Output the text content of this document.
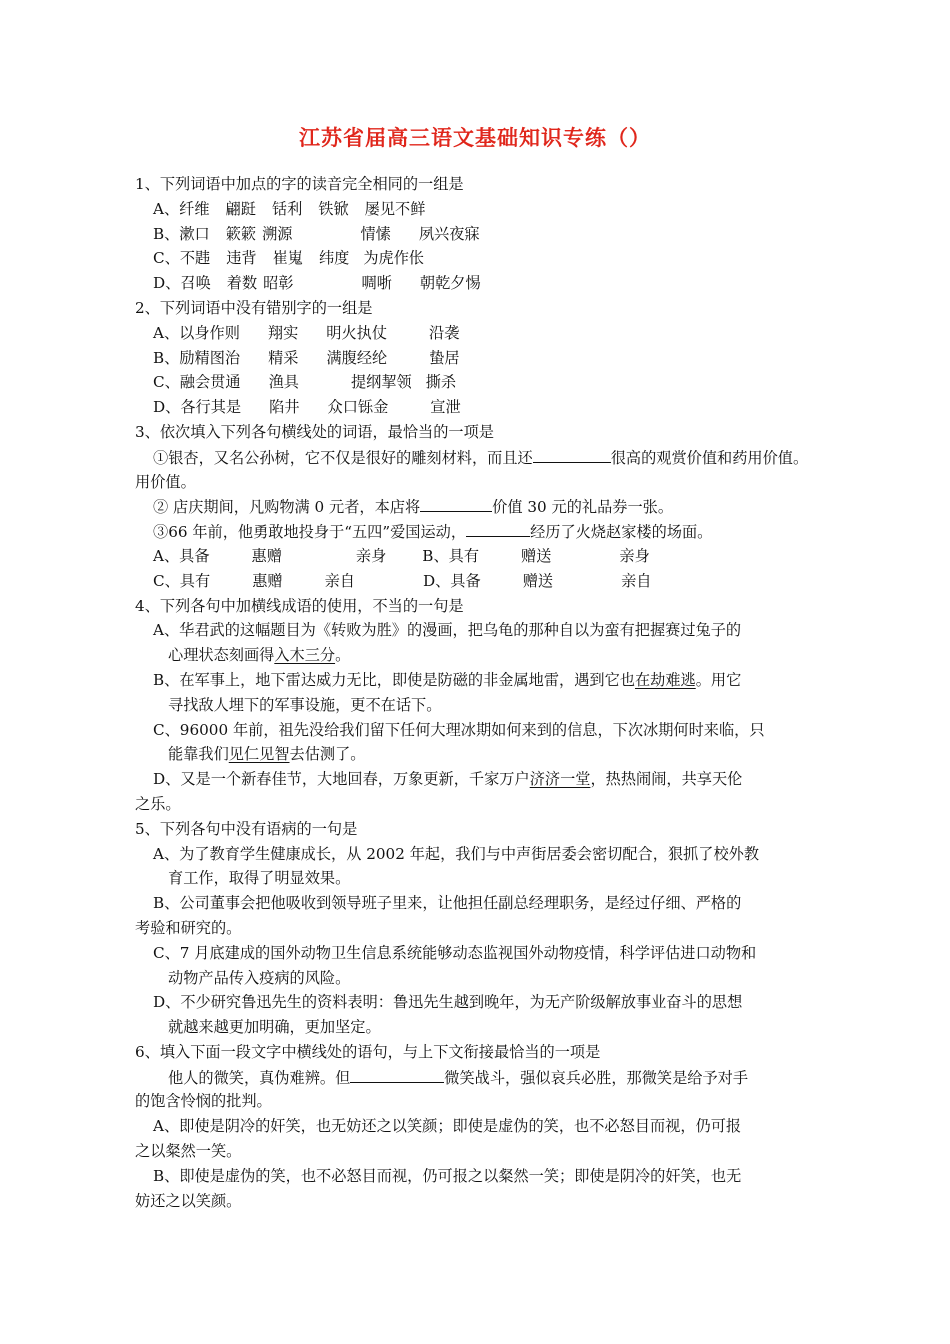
江苏省届高三语文基础知识专练（）
1、下列词语中加点的字的读音完全相同的一组是
A、纤维 翩跹 铦利 铁锨 屡见不鲜
B、漱口 簌簌 溯源	情愫 夙兴夜寐
C、不韪 违背 崔嵬 纬度 为虎作伥
D、召唤 着数 昭彰	啁哳 朝乾夕惕
2、下列词语中没有错别字的一组是
A、以身作则 翔实 明火执仗	沿袭
B、励精图治 精采 满腹经纶	蛰居
C、融会贯通 渔具	提纲挈领 撕杀
D、各行其是 陷井 众口铄金	宣泄
3、依次填入下列各句横线处的词语，最恰当的一项是
①银杏，又名公孙树，它不仅是很好的雕刻材料，而且还	很高的观赏价值和药用价值。
用价值。
② 店庆期间，凡购物满 0 元者，本店将	价值 30 元的礼品券一张。
③66 年前，他勇敢地投身于“五四”爱国运动，	经历了火烧赵家楼的场面。
A、具备	惠赠	亲身 B、具有	赠送	亲身
C、具有	惠赠	亲自	D、具备	赠送	亲自
4、下列各句中加横线成语的使用，不当的一句是
A、华君武的这幅题目为《转败为胜》的漫画，把乌龟的那种自以为蛮有把握赛过兔子的
心理状态刻画得入木三分。
B、在军事上，地下雷达威力无比，即使是防磁的非金属地雷，遇到它也在劫难逃。用它
寻找敌人埋下的军事设施，更不在话下。
C、96000 年前，祖先没给我们留下任何大理冰期如何来到的信息，下次冰期何时来临，只
能靠我们见仁见智去估测了。
D、又是一个新春佳节，大地回春，万象更新，千家万户济济一堂，热热闹闹，共享天伦
之乐。
5、下列各句中没有语病的一句是
A、为了教育学生健康成长，从 2002 年起，我们与中声街居委会密切配合，狠抓了校外教
育工作，取得了明显效果。
B、公司董事会把他吸收到领导班子里来，让他担任副总经理职务，是经过仔细、严格的
考验和研究的。
C、7 月底建成的国外动物卫生信息系统能够动态监视国外动物疫情，科学评估进口动物和
动物产品传入疫病的风险。
D、不少研究鲁迅先生的资料表明：鲁迅先生越到晚年，为无产阶级解放事业奋斗的思想
就越来越更加明确，更加坚定。
6、填入下面一段文字中横线处的语句，与上下文衔接最恰当的一项是
他人的微笑，真伪难辨。但	微笑战斗，强似哀兵必胜，那微笑是给予对手
的饱含怜悯的批判。
A、即使是阴冷的奸笑，也无妨还之以笑颜；即使是虚伪的笑，也不必怒目而视，仍可报
之以粲然一笑。
B、即使是虚伪的笑，也不必怒目而视，仍可报之以粲然一笑；即使是阴冷的奸笑，也无
妨还之以笑颜。
